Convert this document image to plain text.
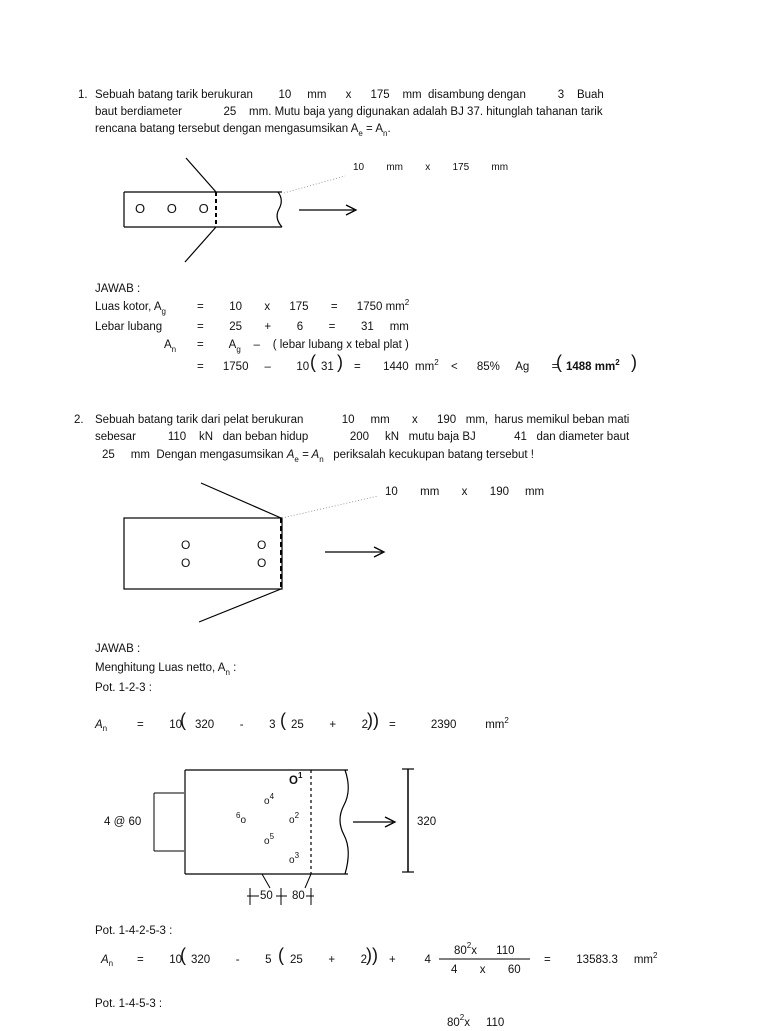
1. Sebuah batang tarik berukuran        10     mm      x      175    mm  disambung dengan          3    Buah
baut berdiameter             25    mm. Mutu baja yang digunakan adalah BJ 37. hitunglah tahanan tarik
rencana batang tersebut dengan mengasumsikan $A_e = A_n$.
10        mm        x        175        mm
O      O      O
JAWAB :
Luas kotor, $A_g$	=        10       x      175       =      1750 $mm^2$
Lebar lubang	=        25       +        6        =        31     mm
$A_n$ =        $A_g$    –    ( lebar lubang x tebal plat )
=      1750     –        10 ( 31 ) =       1440  $mm^2$ <      85%     Ag       =
( 1488 $mm^2$ )
2. Sebuah batang tarik dari pelat berukuran            10     mm       x      190   mm,  harus memikul beban mati
sebesar          110    kN   dan beban hidup             200     kN   mutu baja BJ            41   dan diameter baut
25     mm  Dengan mengasumsikan $A_e = A_n$   periksalah kecukupan batang tersebut !
10       mm       x       190     mm
O                    O
O                    O
JAWAB :
Menghitung Luas netto, $A_n$ :
Pot. 1-2-3 :
$A_n$	=        10
( 320        -        3 ( 25        +        2
)) =           2390         $mm^2$
4 @ 60	320
50      80
$O^1$
$o^4$
$^6$o	$o^2$
$o^5$
$o^3$
Pot. 1-4-2-5-3 :
$A_n$ =        10
( 320        -        5 ( 25        +        2
)) +         4
$80^2x$      110
4       x       60
=        13583.3     $mm^2$
Pot. 1-4-5-3 :
$80^2x$     110
